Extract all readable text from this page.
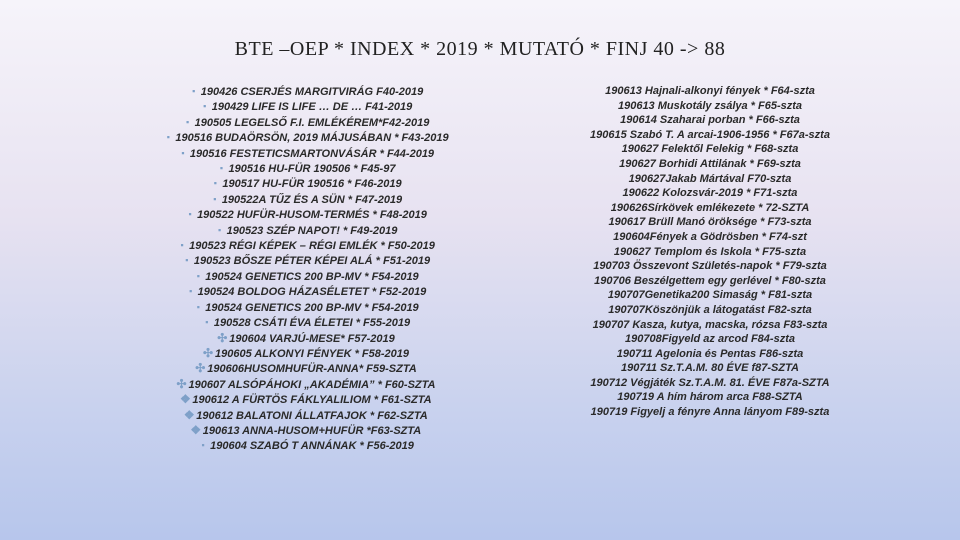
BTE –OEP * INDEX * 2019 * MUTATÓ * FINJ 40 -> 88
▪ 190426 CSERJÉS MARGITVIRÁG F40-2019
▪ 190429 LIFE IS LIFE … DE … F41-2019
▪ 190505 LEGELSŐ F.I. EMLÉKÉREM*F42-2019
▪ 190516 BUDAÖRSÖN, 2019 MÁJUSÁBAN * F43-2019
▪ 190516 FESTETICSMARTONVÁSÁR * F44-2019
▪ 190516 HU-FÜR 190506 * F45-97
▪ 190517 HU-FÜR 190516 * F46-2019
▪ 190522A TŰZ ÉS A SÜN * F47-2019
▪ 190522 HUFÜR-HUSOM-TERMÉS * F48-2019
▪ 190523 SZÉP NAPOT! * F49-2019
▪ 190523 RÉGI KÉPEK – RÉGI EMLÉK * F50-2019
▪ 190523 BŐSZE PÉTER KÉPEI ALÁ * F51-2019
▪ 190524 GENETICS 200 BP-MV * F54-2019
▪ 190524 BOLDOG HÁZASÉLETET * F52-2019
▪ 190524 GENETICS 200 BP-MV * F54-2019
▪ 190528 CSÁTI ÉVA ÉLETEI * F55-2019
✣ 190604 VARJÚ-MESE* F57-2019
✣ 190605 ALKONYI FÉNYEK * F58-2019
✣ 190606HUSOMHUFÜR-ANNA* F59-SZTA
✣ 190607 ALSÓPÁHOKI „AKADÉMIA” * F60-SZTA
❖ 190612 A FÜRTÖS FÁKLYALILIOM * F61-SZTA
❖ 190612 BALATONI ÁLLATFAJOK * F62-SZTA
❖ 190613 ANNA-HUSOM+HUFÜR *F63-SZTA
▪ 190604 SZABÓ T ANNÁNAK * F56-2019
190613 Hajnali-alkonyi fények * F64-szta
190613 Muskotály zsálya * F65-szta
190614 Szaharai porban * F66-szta
190615 Szabó T. A arcai-1906-1956 * F67a-szta
190627 Felektől Felekig * F68-szta
190627 Borhidi Attilának * F69-szta
190627Jakab Mártával F70-szta
190622 Kolozsvár-2019 * F71-szta
190626Sírkövek emlékezete * 72-SZTA
190617 Brüll Manó öröksége * F73-szta
190604Fények a Gödrösben * F74-szt
190627 Templom és Iskola * F75-szta
190703 Összevont Születés-napok * F79-szta
190706 Beszélgettem egy gerlével * F80-szta
190707Genetika200 Simaság * F81-szta
190707Köszönjük a látogatást F82-szta
190707 Kasza, kutya, macska, rózsa F83-szta
190708Figyeld az arcod F84-szta
190711 Agelonia és Pentas F86-szta
190711 Sz.T.A.M. 80 ÉVE f87-SZTA
190712 Végjáték Sz.T.A.M. 81. ÉVE F87a-SZTA
190719 A hím három arca F88-SZTA
190719 Figyelj a fényre Anna lányom F89-szta
